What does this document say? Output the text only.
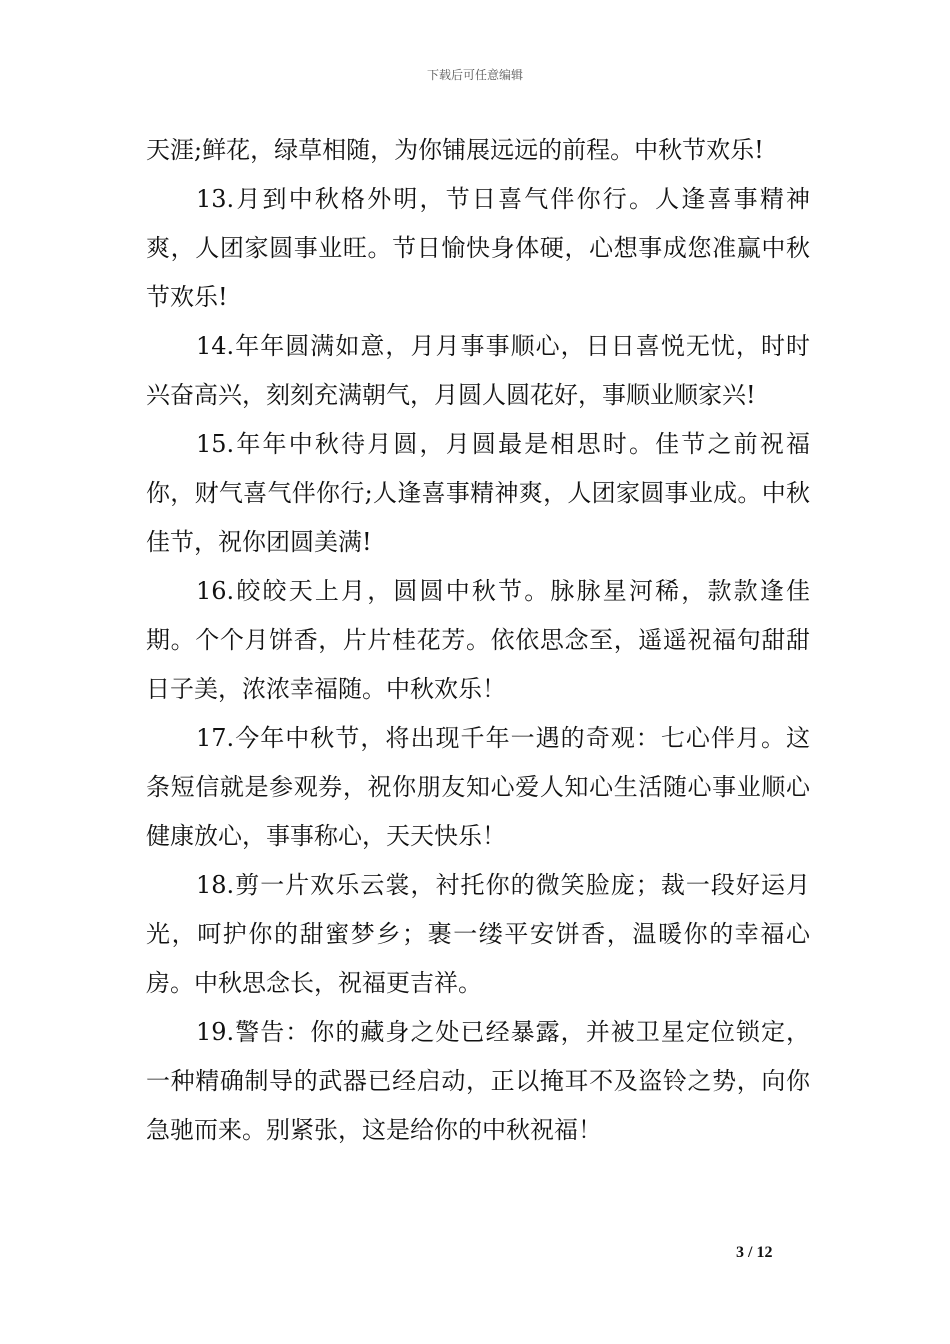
下载后可任意编辑

天涯;鲜花，绿草相随，为你铺展远远的前程。中秋节欢乐!

13.月到中秋格外明，节日喜气伴你行。人逢喜事精神爽，人团家圆事业旺。节日愉快身体硬，心想事成您准赢中秋节欢乐!

14.年年圆满如意，月月事事顺心，日日喜悦无忧，时时兴奋高兴，刻刻充满朝气，月圆人圆花好，事顺业顺家兴!

15.年年中秋待月圆，月圆最是相思时。佳节之前祝福你，财气喜气伴你行;人逢喜事精神爽，人团家圆事业成。中秋佳节，祝你团圆美满!

16.皎皎天上月，圆圆中秋节。脉脉星河稀，款款逢佳期。个个月饼香，片片桂花芳。依依思念至，遥遥祝福句甜甜日子美，浓浓幸福随。中秋欢乐！

17.今年中秋节，将出现千年一遇的奇观：七心伴月。这条短信就是参观券，祝你朋友知心爱人知心生活随心事业顺心健康放心，事事称心，天天快乐！

18.剪一片欢乐云裳，衬托你的微笑脸庞；裁一段好运月光，呵护你的甜蜜梦乡；裹一缕平安饼香，温暖你的幸福心房。中秋思念长，祝福更吉祥。

19.警告：你的藏身之处已经暴露，并被卫星定位锁定，一种精确制导的武器已经启动，正以掩耳不及盗铃之势，向你急驰而来。别紧张，这是给你的中秋祝福！

3 / 12
